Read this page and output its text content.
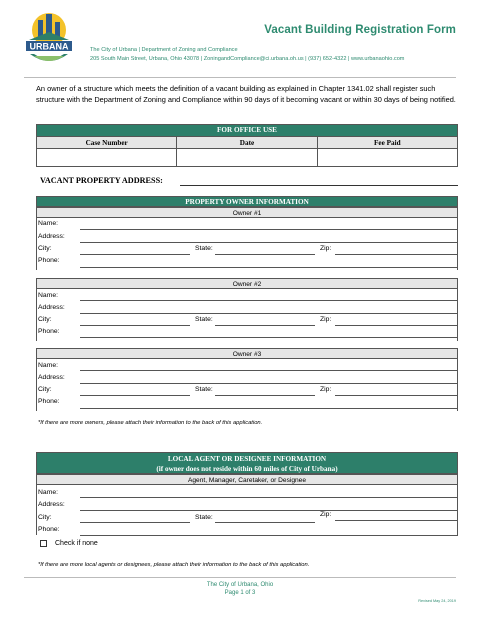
URBANA
Vacant Building Registration Form
The City of Urbana | Department of Zoning and Compliance
205 South Main Street, Urbana, Ohio 43078 | ZoningandCompliance@ci.urbana.oh.us | (937) 652-4322 | www.urbanaohio.com
An owner of a structure which meets the definition of a vacant building as explained in Chapter 1341.02 shall register such structure with the Department of Zoning and Compliance within 90 days of it becoming vacant or within 30 days of being notified.
FOR OFFICE USE
Case Number	Date	Fee Paid
VACANT PROPERTY ADDRESS:
PROPERTY OWNER INFORMATION
Owner #1
Name:
Address:
City:	State:	Zip:
Phone:
Owner #2
Name:
Address:
City:	State:	Zip:
Phone:
Owner #3
Name:
Address:
City:	State:	Zip:
Phone:
*If there are more owners, please attach their information to the back of this application.
LOCAL AGENT OR DESIGNEE INFORMATION
(if owner does not reside within 60 miles of City of Urbana)
Agent, Manager, Caretaker, or Designee
Name:
Address:
City:	State:	Zip:
Phone:
Check if none
*If there are more local agents or designees, please attach their information to the back of this application.
The City of Urbana, Ohio
Page 1 of 3
Revised May 24, 2019
